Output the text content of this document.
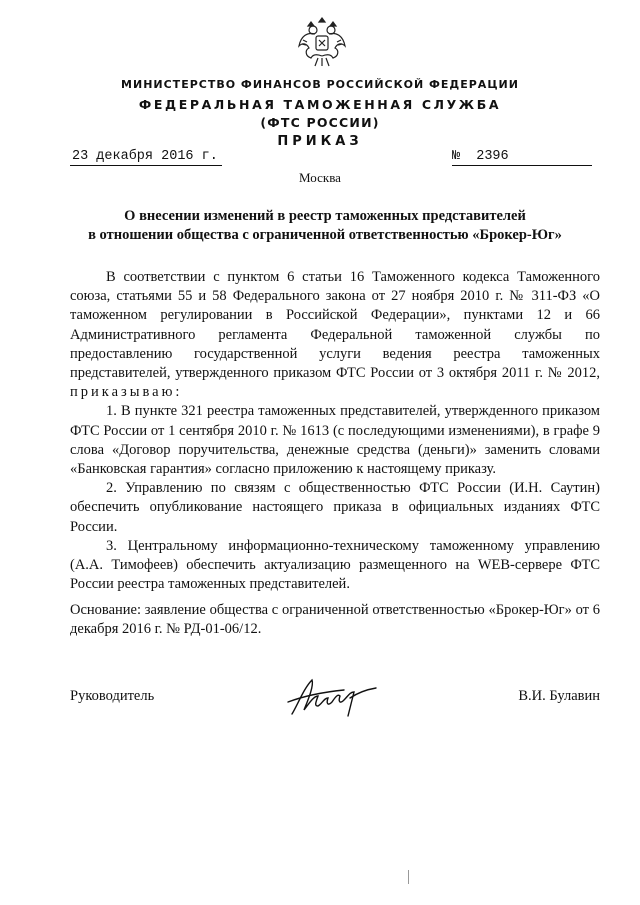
МИНИСТЕРСТВО ФИНАНСОВ РОССИЙСКОЙ ФЕДЕРАЦИИ
ФЕДЕРАЛЬНАЯ ТАМОЖЕННАЯ СЛУЖБА
(ФТС РОССИИ)
ПРИКАЗ
23 декабря 2016 г.	№ 2396
Москва
О внесении изменений в реестр таможенных представителей
в отношении общества с ограниченной ответственностью «Брокер-Юг»

В соответствии с пунктом 6 статьи 16 Таможенного кодекса Таможенного союза, статьями 55 и 58 Федерального закона от 27 ноября 2010 г. № 311-ФЗ «О таможенном регулировании в Российской Федерации», пунктами 12 и 66 Административного регламента Федеральной таможенной службы по предоставлению государственной услуги ведения реестра таможенных представителей, утвержденного приказом ФТС России от 3 октября 2011 г. № 2012, приказываю:

1. В пункте 321 реестра таможенных представителей, утвержденного приказом ФТС России от 1 сентября 2010 г. № 1613 (с последующими изменениями), в графе 9 слова «Договор поручительства, денежные средства (деньги)» заменить словами «Банковская гарантия» согласно приложению к настоящему приказу.

2. Управлению по связям с общественностью ФТС России (И.Н. Саутин) обеспечить опубликование настоящего приказа в официальных изданиях ФТС России.

3. Центральному информационно-техническому таможенному управлению (А.А. Тимофеев) обеспечить актуализацию размещенного на WEB-сервере ФТС России реестра таможенных представителей.

Основание: заявление общества с ограниченной ответственностью «Брокер-Юг» от 6 декабря 2016 г. № РД-01-06/12.
Руководитель	В.И. Булавин
